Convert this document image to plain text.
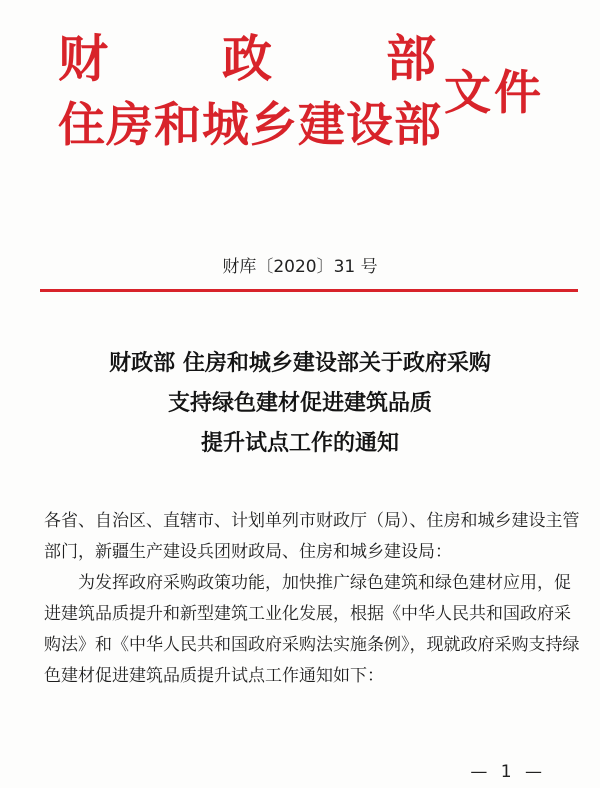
财 政 部
住房和城乡建设部
文件
财库〔2020〕31 号
财政部 住房和城乡建设部关于政府采购
支持绿色建材促进建筑品质
提升试点工作的通知

各省、自治区、直辖市、计划单列市财政厅（局）、住房和城乡建设主管部门，新疆生产建设兵团财政局、住房和城乡建设局：

为发挥政府采购政策功能，加快推广绿色建筑和绿色建材应用，促进建筑品质提升和新型建筑工业化发展，根据《中华人民共和国政府采购法》和《中华人民共和国政府采购法实施条例》，现就政府采购支持绿色建材促进建筑品质提升试点工作通知如下：

— 1 —
